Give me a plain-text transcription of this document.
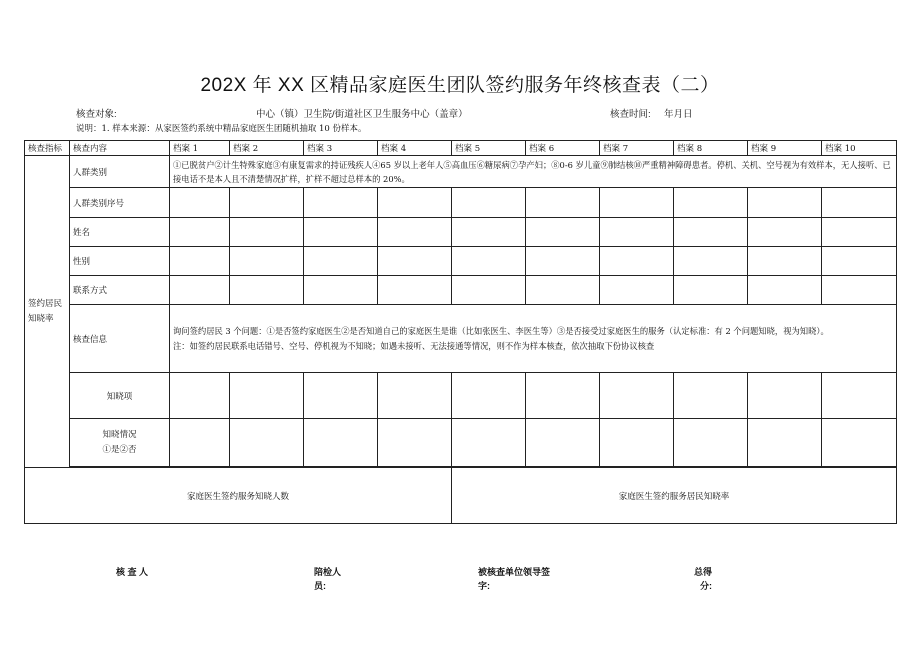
202X 年 XX 区精品家庭医生团队签约服务年终核查表（二）
核查对象:	中心（镇）卫生院/街道社区卫生服务中心（盖章）	核查时间: 年月日
说明：1. 样本来源：从家医签约系统中精品家庭医生团随机抽取 10 份样本。
核查指标	核查内容	档案 1	档案 2	档案 3	档案 4	档案 5	档案 6	档案 7	档案 8	档案 9	档案 10
签约居民知晓率	人群类别	①已脱贫户②计生特殊家庭③有康复需求的持证残疾人④65 岁以上老年人⑤高血压⑥糖尿病⑦孕产妇；⑧0-6 岁儿童⑨肺结核⑩严重精神障碍患者。停机、关机、空号视为有效样本，无人接听、已接电话不是本人且不清楚情况扩样，扩样不超过总样本的 20%。									
	人群类别序号										
	姓名										
	性别										
	联系方式										
	核查信息	询问签约居民 3 个问题：①是否签约家庭医生②是否知道自己的家庭医生是谁（比如张医生、李医生等）③是否接受过家庭医生的服务（认定标准：有 2 个问题知晓，视为知晓）。
注：如签约居民联系电话错号、空号、停机视为不知晓；如遇未接听、无法接通等情况，则不作为样本核查，依次抽取下份协议核查									

	知晓项										

	知晓情况
①是②否										

家庭医生签约服务知晓人数						家庭医生签约服务居民知晓率					
核 查 人	陪检人
员:
被核查单位领导签
字:
总得
分:
